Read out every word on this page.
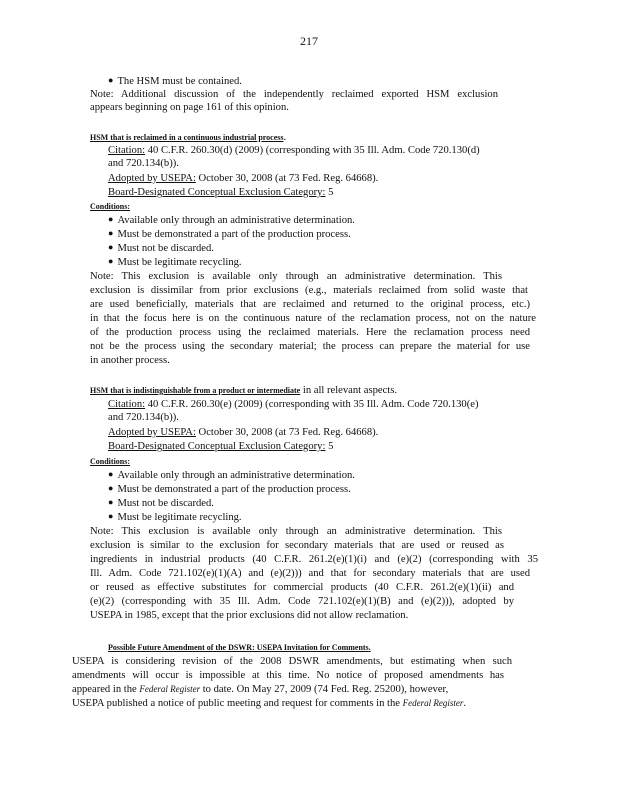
217
● The HSM must be contained.
Note: Additional discussion of the independently reclaimed exported HSM exclusion
appears beginning on page 161 of this opinion.
HSM that is reclaimed in a continuous industrial process.
Citation: 40 C.F.R. 260.30(d) (2009) (corresponding with 35 Ill. Adm. Code 720.130(d)
and 720.134(b)).
Adopted by USEPA: October 30, 2008 (at 73 Fed. Reg. 64668).
Board-Designated Conceptual Exclusion Category: 5
Conditions:
● Available only through an administrative determination.
● Must be demonstrated a part of the production process.
● Must not be discarded.
● Must be legitimate recycling.
Note: This exclusion is available only through an administrative determination. This
exclusion is dissimilar from prior exclusions (e.g., materials reclaimed from solid waste that
are used beneficially, materials that are reclaimed and returned to the original process, etc.)
in that the focus here is on the continuous nature of the reclamation process, not on the nature
of the production process using the reclaimed materials. Here the reclamation process need
not be the process using the secondary material; the process can prepare the material for use
in another process.
HSM that is indistinguishable from a product or intermediate in all relevant aspects.
Citation: 40 C.F.R. 260.30(e) (2009) (corresponding with 35 Ill. Adm. Code 720.130(e)
and 720.134(b)).
Adopted by USEPA: October 30, 2008 (at 73 Fed. Reg. 64668).
Board-Designated Conceptual Exclusion Category: 5
Conditions:
● Available only through an administrative determination.
● Must be demonstrated a part of the production process.
● Must not be discarded.
● Must be legitimate recycling.
Note: This exclusion is available only through an administrative determination. This
exclusion is similar to the exclusion for secondary materials that are used or reused as
ingredients in industrial products (40 C.F.R. 261.2(e)(1)(i) and (e)(2) (corresponding with 35
Ill. Adm. Code 721.102(e)(1)(A) and (e)(2))) and that for secondary materials that are used
or reused as effective substitutes for commercial products (40 C.F.R. 261.2(e)(1)(ii) and
(e)(2) (corresponding with 35 Ill. Adm. Code 721.102(e)(1)(B) and (e)(2))), adopted by
USEPA in 1985, except that the prior exclusions did not allow reclamation.
Possible Future Amendment of the DSWR: USEPA Invitation for Comments.
USEPA is considering revision of the 2008 DSWR amendments, but estimating when such
amendments will occur is impossible at this time. No notice of proposed amendments has
appeared in the Federal Register to date. On May 27, 2009 (74 Fed. Reg. 25200), however,
USEPA published a notice of public meeting and request for comments in the Federal Register.
